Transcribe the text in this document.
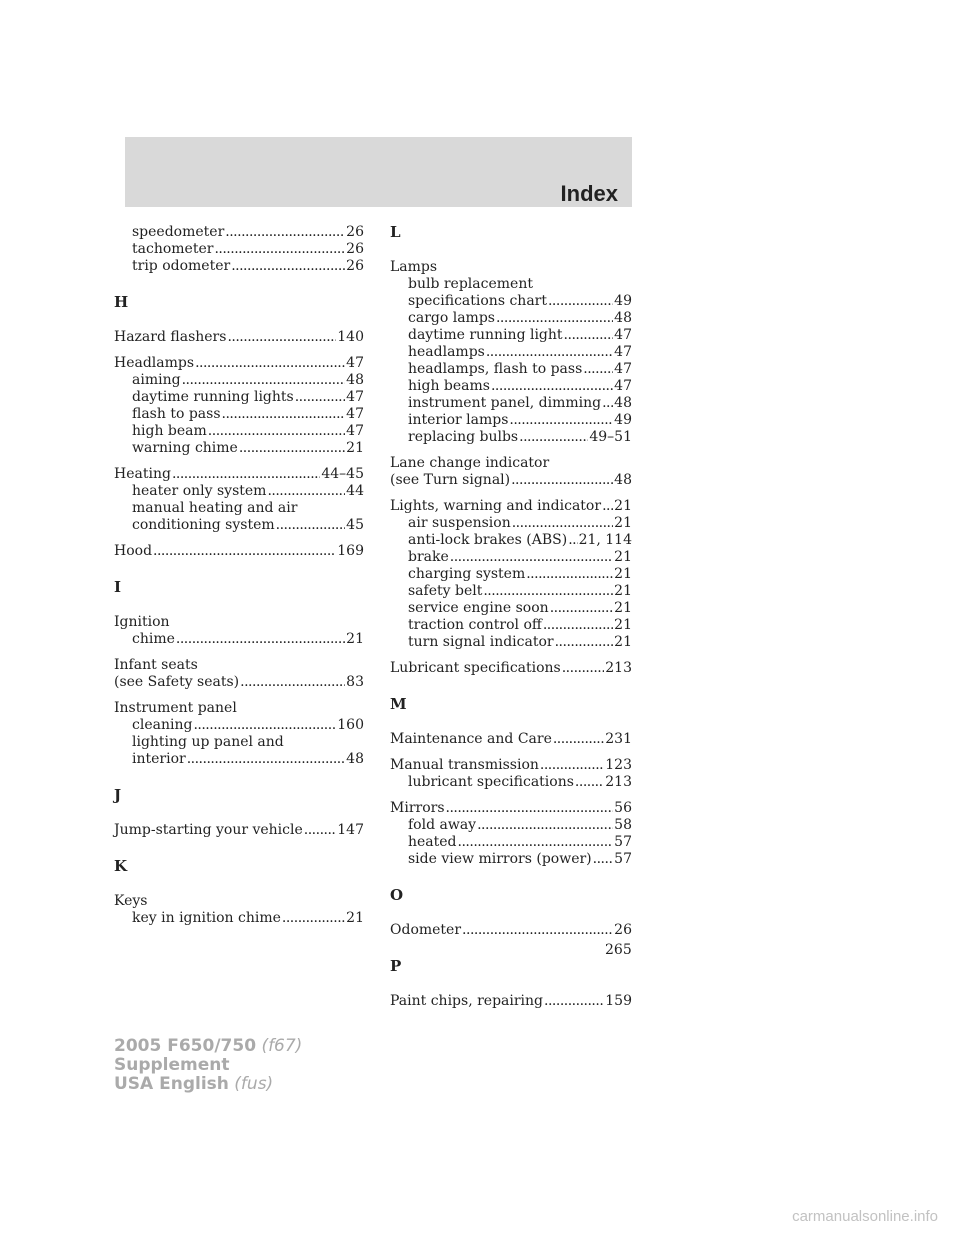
Index
speedometer .....	26
tachometer .....	26
trip odometer .....	26
H
Hazard flashers .....	140
Headlamps .....	47
aiming .....	48
daytime running lights .....	47
flash to pass .....	47
high beam .....	47
warning chime .....	21
Heating .....	44–45
heater only system .....	44
manual heating and air
conditioning system .....	45
Hood .....	169
I
Ignition
chime .....	21
Infant seats
(see Safety seats) .....	83
Instrument panel
cleaning .....	160
lighting up panel and
interior .....	48
J
Jump-starting your vehicle ..... 147
K
Keys
key in ignition chime .....	21
L
Lamps
bulb replacement
specifications chart .....	49
cargo lamps .....	48
daytime running light .....	47
headlamps .....	47
headlamps, flash to pass ..... 47
high beams .....	47
instrument panel, dimming ..... 48
interior lamps .....	49
replacing bulbs .....	49–51
Lane change indicator
(see Turn signal) .....	48
Lights, warning and indicator ..... 21
air suspension .....	21
anti-lock brakes (ABS) ..... 21, 114
brake .....	21
charging system .....	21
safety belt .....	21
service engine soon .....	21
traction control off .....	21
turn signal indicator .....	21
Lubricant specifications .....	213
M
Maintenance and Care .....	231
Manual transmission .....	123
lubricant specifications ..... 213
Mirrors .....	56
fold away .....	58
heated .....	57
side view mirrors (power) ..... 57
O
Odometer .....	26
P
Paint chips, repairing .....	159
265
2005 F650/750 (f67)
Supplement
USA English (fus)
carmanualsonline.info
